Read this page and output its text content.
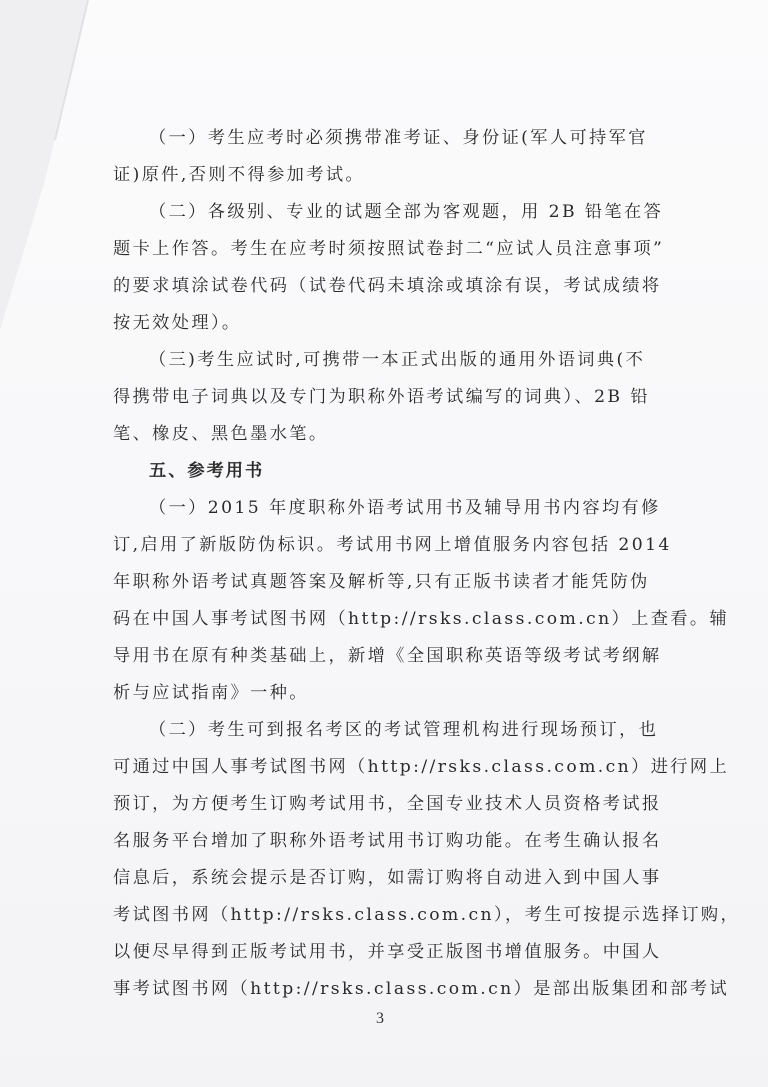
（一）考生应考时必须携带准考证、身份证(军人可持军官
证)原件,否则不得参加考试。
（二）各级别、专业的试题全部为客观题，用 2B 铅笔在答
题卡上作答。考生在应考时须按照试卷封二“应试人员注意事项”
的要求填涂试卷代码（试卷代码未填涂或填涂有误，考试成绩将
按无效处理）。
（三)考生应试时,可携带一本正式出版的通用外语词典(不
得携带电子词典以及专门为职称外语考试编写的词典）、2B 铅
笔、橡皮、黑色墨水笔。
五、参考用书
（一）2015 年度职称外语考试用书及辅导用书内容均有修
订,启用了新版防伪标识。考试用书网上增值服务内容包括 2014
年职称外语考试真题答案及解析等,只有正版书读者才能凭防伪
码在中国人事考试图书网（http://rsks.class.com.cn）上查看。辅
导用书在原有种类基础上，新增《全国职称英语等级考试考纲解
析与应试指南》一种。
（二）考生可到报名考区的考试管理机构进行现场预订，也
可通过中国人事考试图书网（http://rsks.class.com.cn）进行网上
预订，为方便考生订购考试用书，全国专业技术人员资格考试报
名服务平台增加了职称外语考试用书订购功能。在考生确认报名
信息后，系统会提示是否订购，如需订购将自动进入到中国人事
考试图书网（http://rsks.class.com.cn），考生可按提示选择订购，
以便尽早得到正版考试用书，并享受正版图书增值服务。中国人
事考试图书网（http://rsks.class.com.cn）是部出版集团和部考试
3
